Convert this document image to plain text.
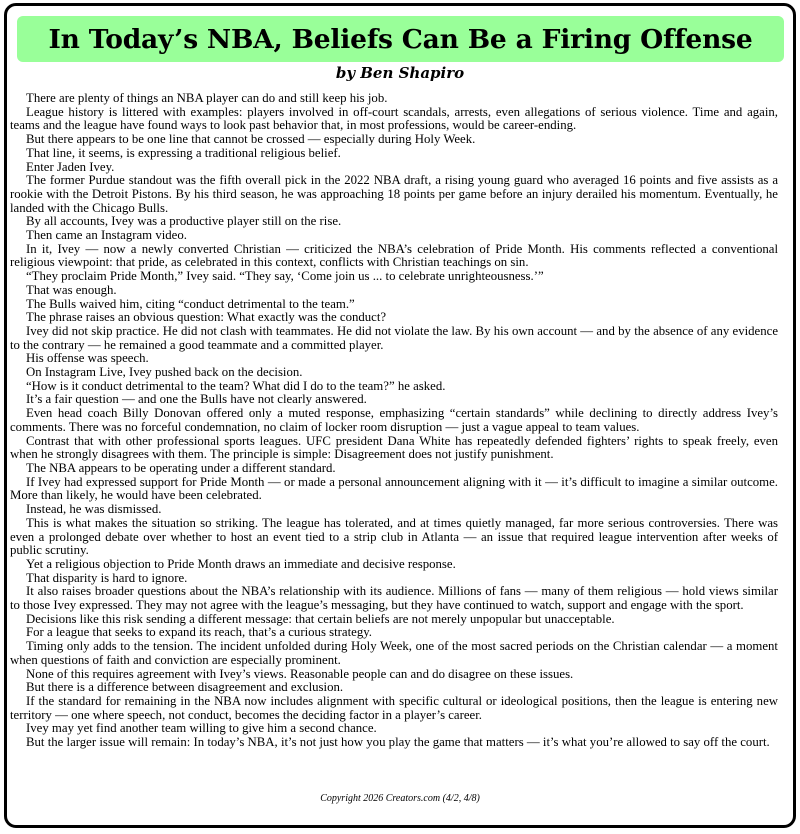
In Today’s NBA, Beliefs Can Be a Firing Offense
by Ben Shapiro

There are plenty of things an NBA player can do and still keep his job.

League history is littered with examples: players involved in off-court scandals, arrests, even allegations of serious violence. Time and again, teams and the league have found ways to look past behavior that, in most professions, would be career-ending.

But there appears to be one line that cannot be crossed — especially during Holy Week.

That line, it seems, is expressing a traditional religious belief.

Enter Jaden Ivey.

The former Purdue standout was the fifth overall pick in the 2022 NBA draft, a rising young guard who averaged 16 points and five assists as a rookie with the Detroit Pistons. By his third season, he was approaching 18 points per game before an injury derailed his momentum. Eventually, he landed with the Chicago Bulls.

By all accounts, Ivey was a productive player still on the rise.

Then came an Instagram video.

In it, Ivey — now a newly converted Christian — criticized the NBA’s celebration of Pride Month. His comments reflected a conventional religious viewpoint: that pride, as celebrated in this context, conflicts with Christian teachings on sin.

“They proclaim Pride Month,” Ivey said. “They say, ‘Come join us ... to celebrate unrighteousness.’”

That was enough.

The Bulls waived him, citing “conduct detrimental to the team.”

The phrase raises an obvious question: What exactly was the conduct?

Ivey did not skip practice. He did not clash with teammates. He did not violate the law. By his own account — and by the absence of any evidence to the contrary — he remained a good teammate and a committed player.

His offense was speech.

On Instagram Live, Ivey pushed back on the decision.

“How is it conduct detrimental to the team? What did I do to the team?” he asked.

It’s a fair question — and one the Bulls have not clearly answered.

Even head coach Billy Donovan offered only a muted response, emphasizing “certain standards” while declining to directly address Ivey’s comments. There was no forceful condemnation, no claim of locker room disruption — just a vague appeal to team values.

Contrast that with other professional sports leagues. UFC president Dana White has repeatedly defended fighters’ rights to speak freely, even when he strongly disagrees with them. The principle is simple: Disagreement does not justify punishment.

The NBA appears to be operating under a different standard.

If Ivey had expressed support for Pride Month — or made a personal announcement aligning with it — it’s difficult to imagine a similar outcome. More than likely, he would have been celebrated.

Instead, he was dismissed.

This is what makes the situation so striking. The league has tolerated, and at times quietly managed, far more serious controversies. There was even a prolonged debate over whether to host an event tied to a strip club in Atlanta — an issue that required league intervention after weeks of public scrutiny.

Yet a religious objection to Pride Month draws an immediate and decisive response.

That disparity is hard to ignore.

It also raises broader questions about the NBA’s relationship with its audience. Millions of fans — many of them religious — hold views similar to those Ivey expressed. They may not agree with the league’s messaging, but they have continued to watch, support and engage with the sport.

Decisions like this risk sending a different message: that certain beliefs are not merely unpopular but unacceptable.

For a league that seeks to expand its reach, that’s a curious strategy.

Timing only adds to the tension. The incident unfolded during Holy Week, one of the most sacred periods on the Christian calendar — a moment when questions of faith and conviction are especially prominent.

None of this requires agreement with Ivey’s views. Reasonable people can and do disagree on these issues.

But there is a difference between disagreement and exclusion.

If the standard for remaining in the NBA now includes alignment with specific cultural or ideological positions, then the league is entering new territory — one where speech, not conduct, becomes the deciding factor in a player’s career.

Ivey may yet find another team willing to give him a second chance.

But the larger issue will remain: In today’s NBA, it’s not just how you play the game that matters — it’s what you’re allowed to say off the court.

Copyright 2026 Creators.com (4/2, 4/8)
